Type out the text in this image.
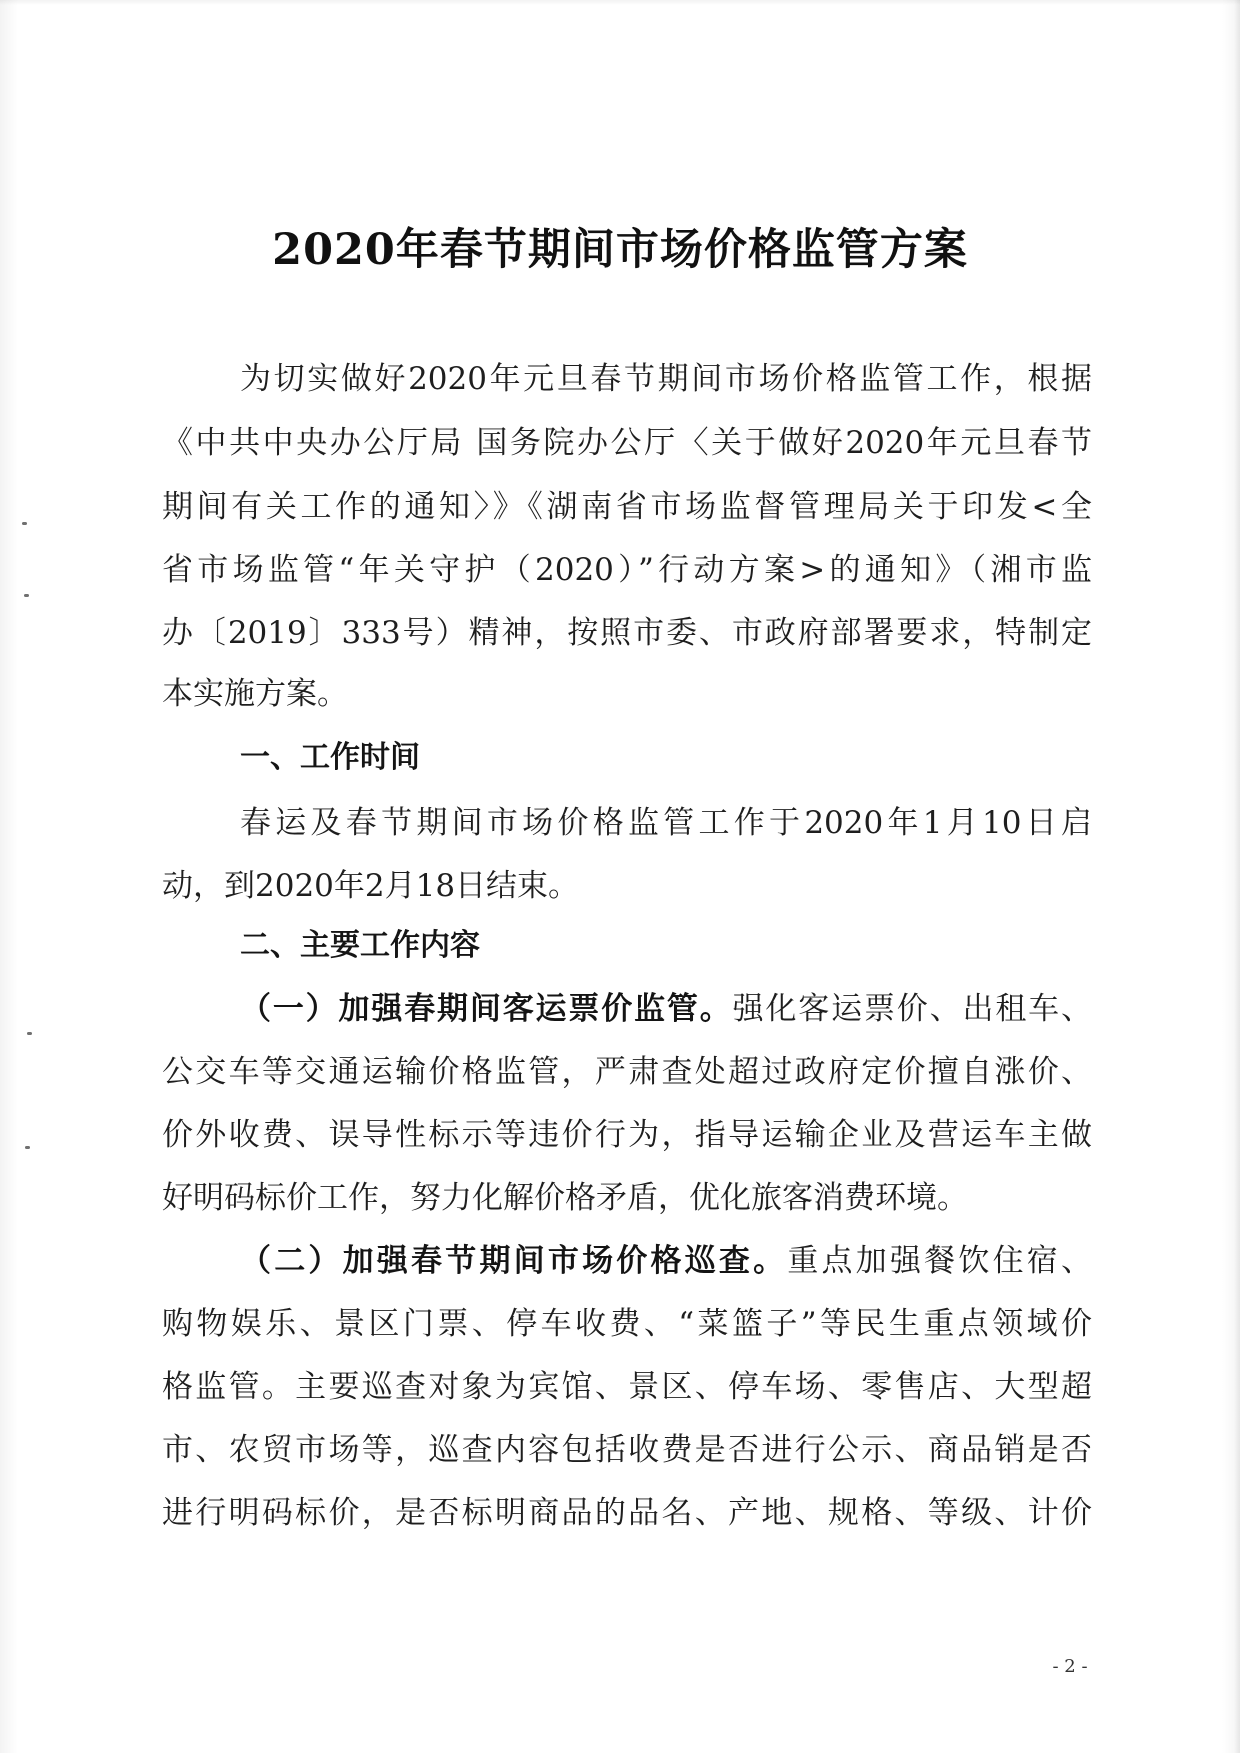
2020年春节期间市场价格监管方案
为切实做好2020年元旦春节期间市场价格监管工作，根据
《中共中央办公厅局 国务院办公厅〈关于做好2020年元旦春节
期间有关工作的通知〉》《湖南省市场监督管理局关于印发<全
省市场监管“年关守护（2020）”行动方案>的通知》（湘市监
办〔2019〕333号）精神，按照市委、市政府部署要求，特制定
本实施方案。
一、工作时间
春运及春节期间市场价格监管工作于2020年1月10日启
动，到2020年2月18日结束。
二、主要工作内容
（一）加强春期间客运票价监管。强化客运票价、出租车、
公交车等交通运输价格监管，严肃查处超过政府定价擅自涨价、
价外收费、误导性标示等违价行为，指导运输企业及营运车主做
好明码标价工作，努力化解价格矛盾，优化旅客消费环境。
（二）加强春节期间市场价格巡查。重点加强餐饮住宿、
购物娱乐、景区门票、停车收费、“菜篮子”等民生重点领域价
格监管。主要巡查对象为宾馆、景区、停车场、零售店、大型超
市、农贸市场等，巡查内容包括收费是否进行公示、商品销是否
进行明码标价，是否标明商品的品名、产地、规格、等级、计价
- 2 -
